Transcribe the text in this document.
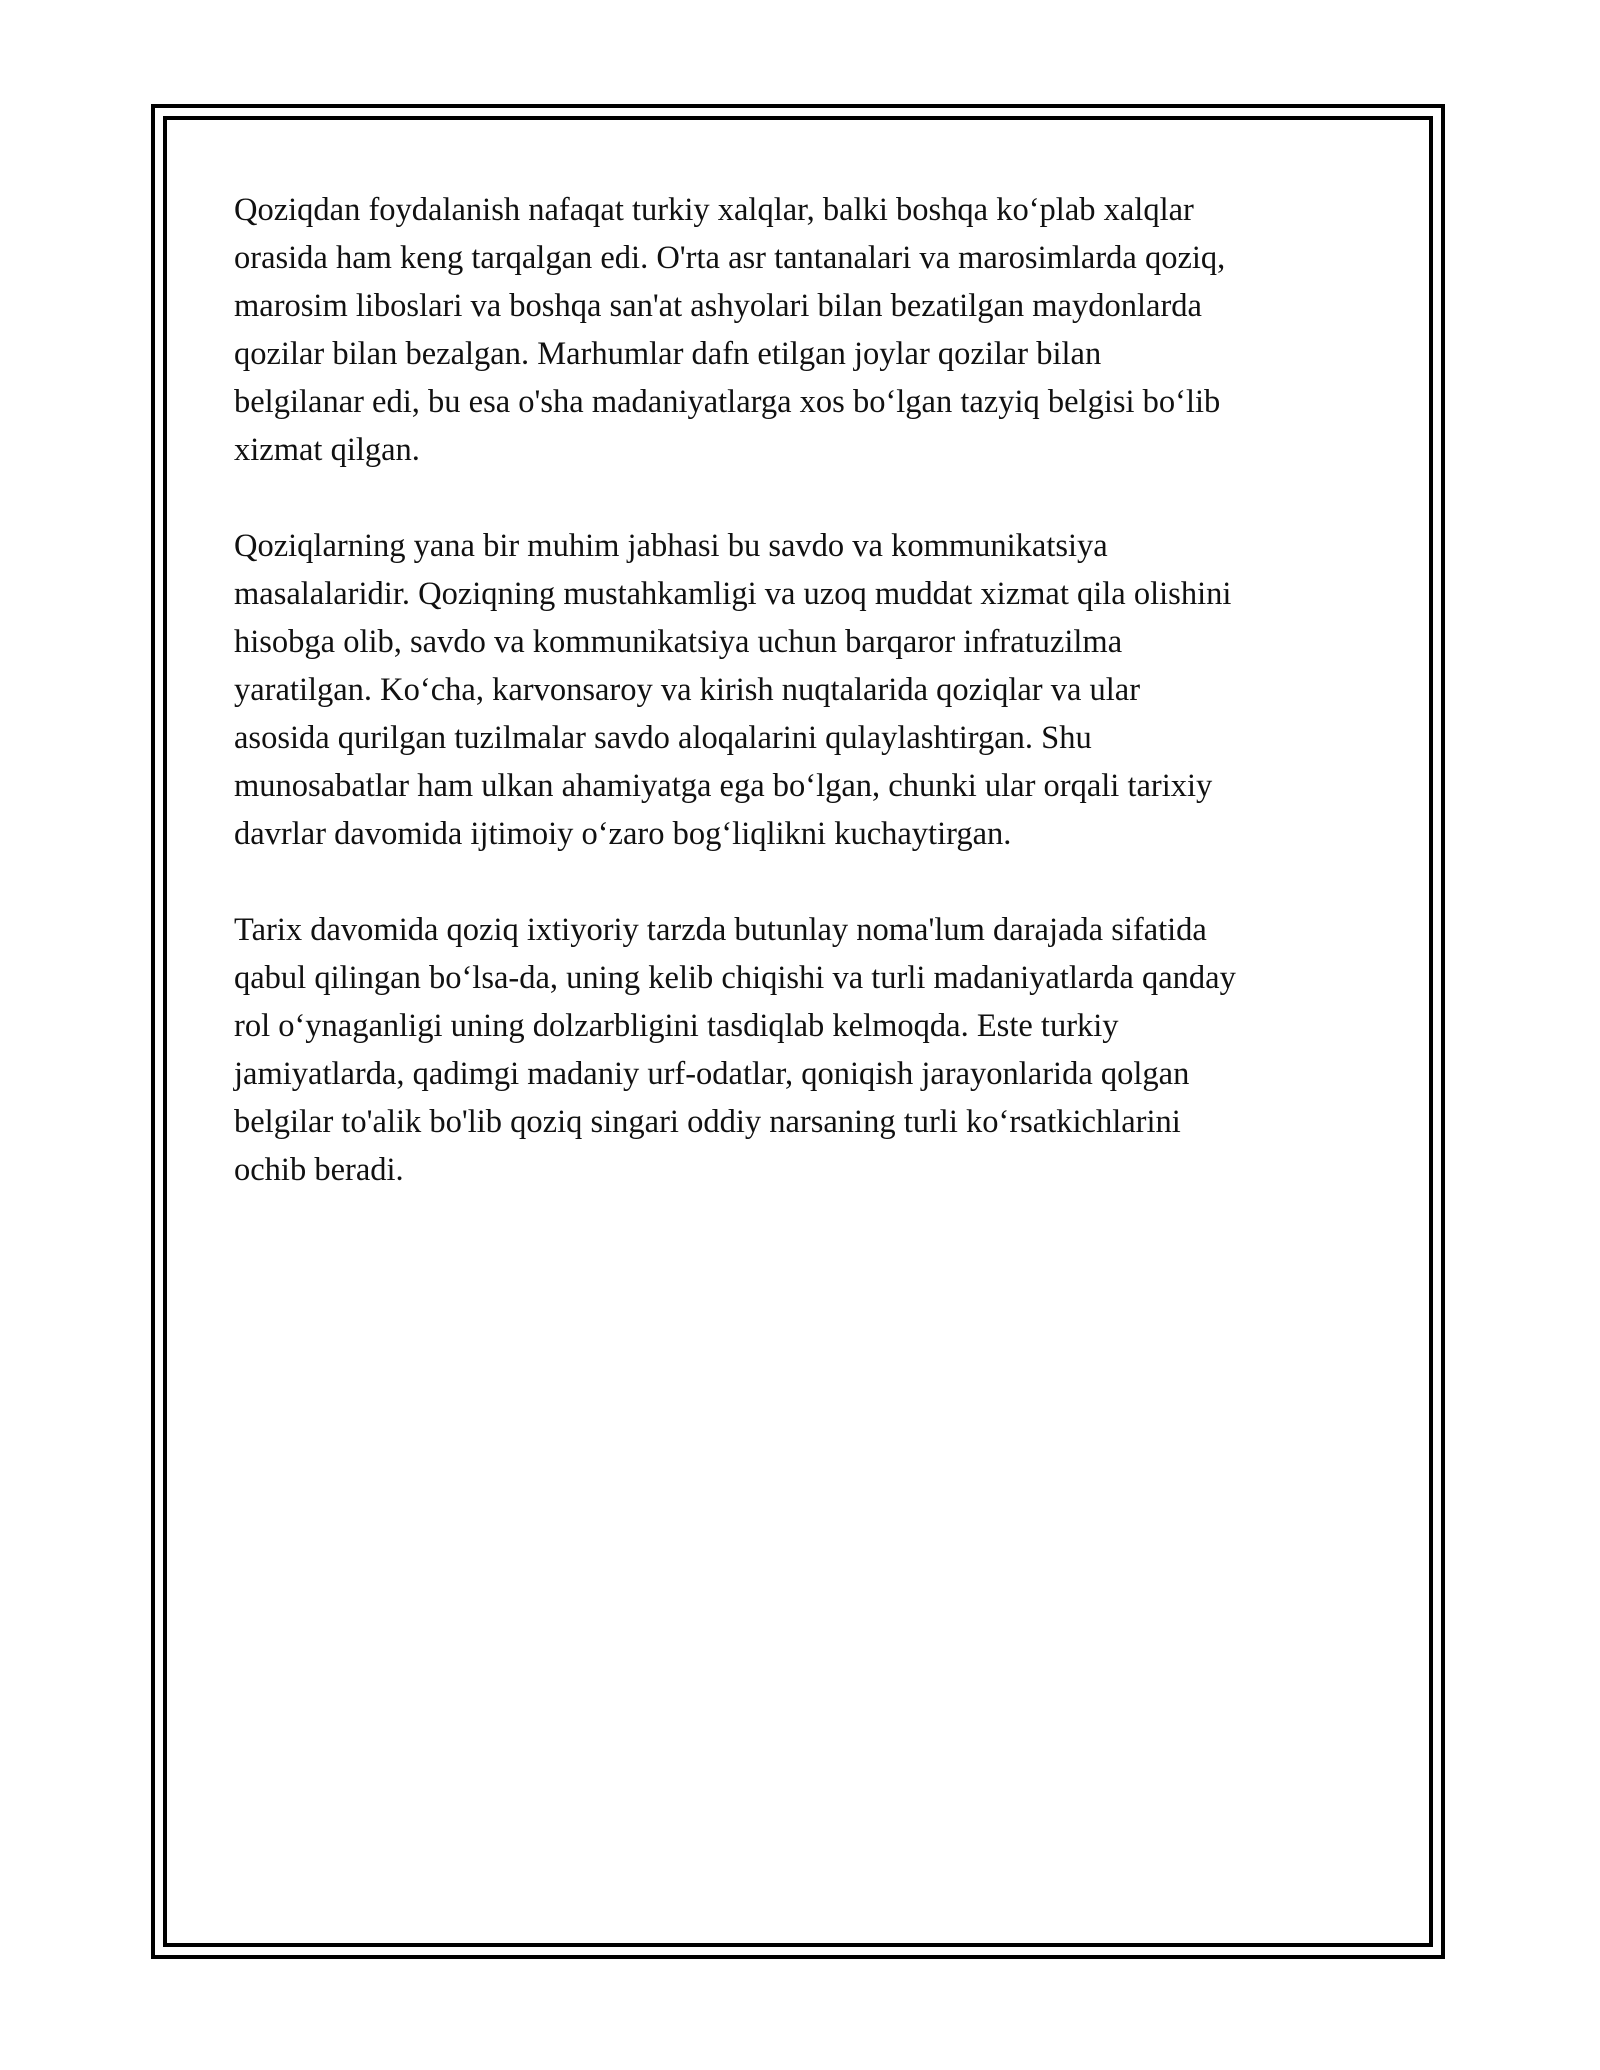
Qoziqdan foydalanish nafaqat turkiy xalqlar, balki boshqa ko‘plab xalqlar
orasida ham keng tarqalgan edi. O'rta asr tantanalari va marosimlarda qoziq,
marosim liboslari va boshqa san'at ashyolari bilan bezatilgan maydonlarda
qozilar bilan bezalgan. Marhumlar dafn etilgan joylar qozilar bilan
belgilanar edi, bu esa o'sha madaniyatlarga xos bo‘lgan tazyiq belgisi bo‘lib
xizmat qilgan.

Qoziqlarning yana bir muhim jabhasi bu savdo va kommunikatsiya
masalalaridir. Qoziqning mustahkamligi va uzoq muddat xizmat qila olishini
hisobga olib, savdo va kommunikatsiya uchun barqaror infratuzilma
yaratilgan. Ko‘cha, karvonsaroy va kirish nuqtalarida qoziqlar va ular
asosida qurilgan tuzilmalar savdo aloqalarini qulaylashtirgan. Shu
munosabatlar ham ulkan ahamiyatga ega bo‘lgan, chunki ular orqali tarixiy
davrlar davomida ijtimoiy o‘zaro bog‘liqlikni kuchaytirgan.

Tarix davomida qoziq ixtiyoriy tarzda butunlay noma'lum darajada sifatida
qabul qilingan bo‘lsa-da, uning kelib chiqishi va turli madaniyatlarda qanday
rol o‘ynaganligi uning dolzarbligini tasdiqlab kelmoqda. Este turkiy
jamiyatlarda, qadimgi madaniy urf-odatlar, qoniqish jarayonlarida qolgan
belgilar to'alik bo'lib qoziq singari oddiy narsaning turli ko‘rsatkichlarini
ochib beradi.
